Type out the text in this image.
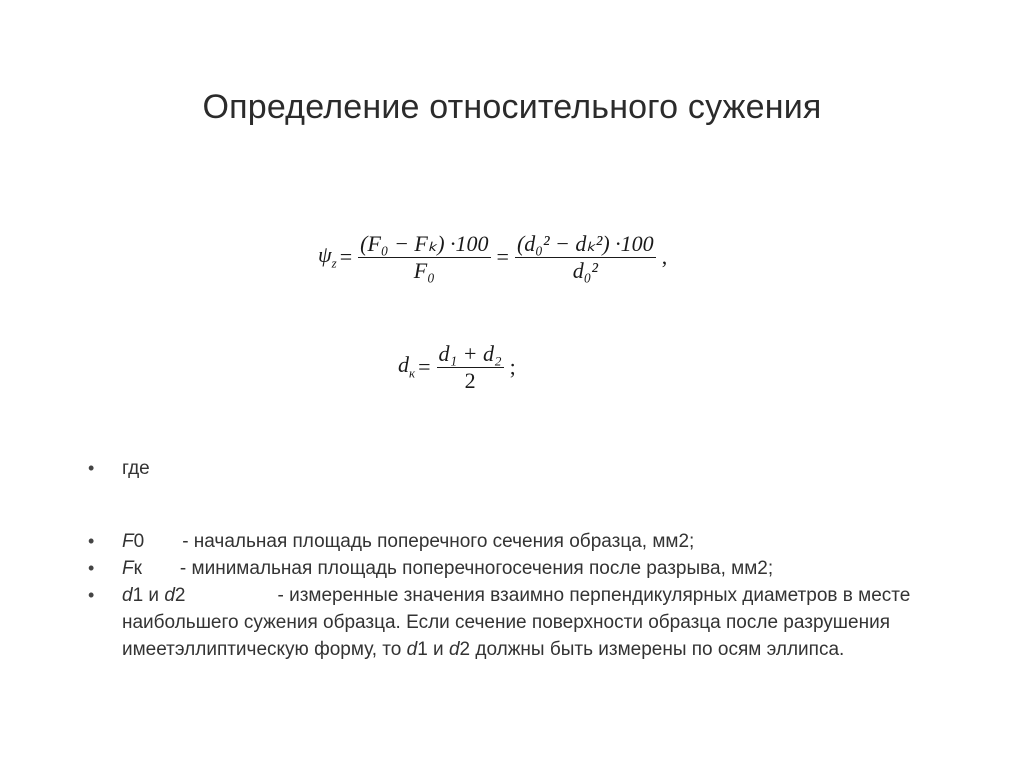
Определение относительного сужения
$\psi_z = \frac{\text{(F₀ − Fₖ) ·100}}{\text{F₀}} = \frac{\text{(d₀² − dₖ²) ·100}}{\text{d₀²}}$ ,
$d_к = \frac{\text{d₁ + d₂}}{2}$ ;
• где
• F0 - начальная площадь поперечного сечения образца, мм2;
• Fк - минимальная площадь поперечногосечения после разрыва, мм2;
• d1 и d2	- измеренные значения взаимно перпендикулярных диаметров в месте наибольшего сужения образца. Если сечение поверхности образца после разрушения имеетэллиптическую форму, то d1 и d2 должны быть измерены по осям эллипса.
